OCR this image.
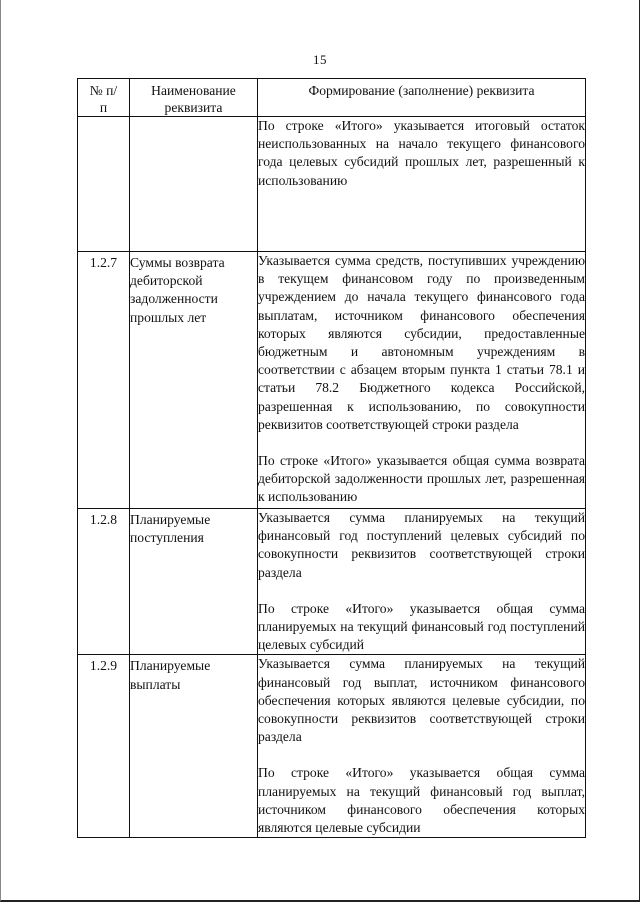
15
№ п/п	Наименование реквизита	Формирование (заполнение) реквизита

		По строке «Итого» указывается итоговый остаток неиспользованных на начало текущего финансового года целевых субсидий прошлых лет, разрешенный к использованию

1.2.7	Суммы возврата дебиторской задолженности прошлых лет	Указывается сумма средств, поступивших учреждению в текущем финансовом году по произведенным учреждением до начала текущего финансового года выплатам, источником финансового обеспечения которых являются субсидии, предоставленные бюджетным и автономным учреждениям в соответствии с абзацем вторым пункта 1 статьи 78.1 и статьи 78.2 Бюджетного кодекса Российской, разрешенная к использованию, по совокупности реквизитов соответствующей строки раздела

По строке «Итого» указывается общая сумма возврата дебиторской задолженности прошлых лет, разрешенная к использованию

1.2.8	Планируемые поступления	Указывается сумма планируемых на текущий финансовый год поступлений целевых субсидий по совокупности реквизитов соответствующей строки раздела

По строке «Итого» указывается общая сумма планируемых на текущий финансовый год поступлений целевых субсидий

1.2.9	Планируемые выплаты	Указывается сумма планируемых на текущий финансовый год выплат, источником финансового обеспечения которых являются целевые субсидии, по совокупности реквизитов соответствующей строки раздела

По строке «Итого» указывается общая сумма планируемых на текущий финансовый год выплат, источником финансового обеспечения которых являются целевые субсидии
